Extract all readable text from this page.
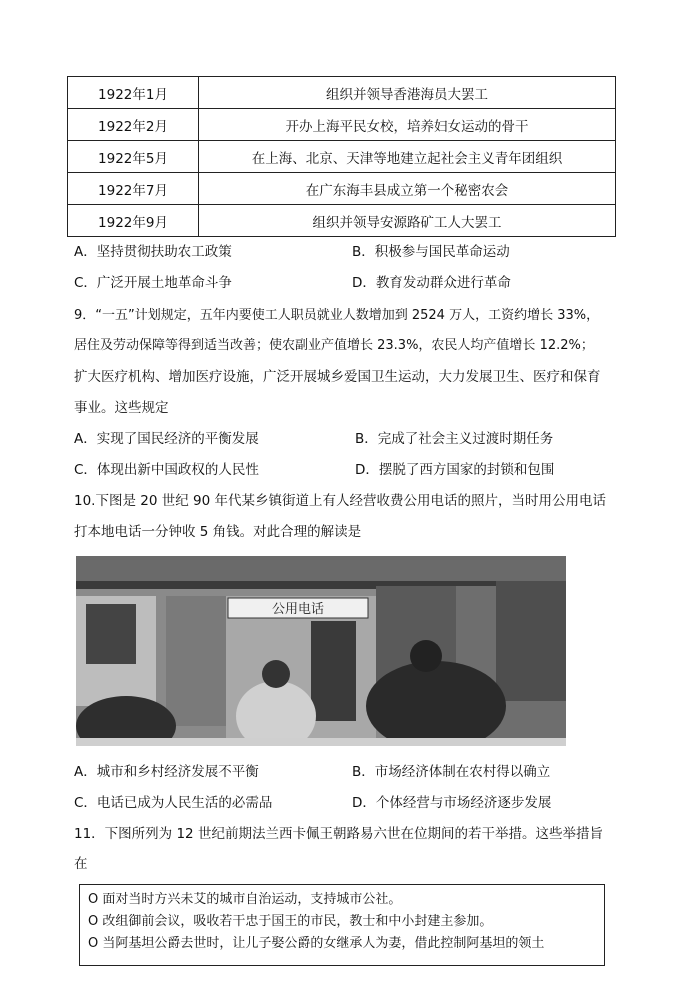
1922年1月	组织并领导香港海员大罢工
1922年2月	开办上海平民女校，培养妇女运动的骨干
1922年5月	在上海、北京、天津等地建立起社会主义青年团组织
1922年7月	在广东海丰县成立第一个秘密农会
1922年9月	组织并领导安源路矿工人大罢工
A．坚持贯彻扶助农工政策	B．积极参与国民革命运动
C．广泛开展土地革命斗争	D．教育发动群众进行革命
9．“一五”计划规定，五年内要使工人职员就业人数增加到 2524 万人，工资约增长 33%，
居住及劳动保障等得到适当改善；使农副业产值增长 23.3%，农民人均产值增长 12.2%；
扩大医疗机构、增加医疗设施，广泛开展城乡爱国卫生运动，大力发展卫生、医疗和保育
事业。这些规定
A．实现了国民经济的平衡发展	B．完成了社会主义过渡时期任务
C．体现出新中国政权的人民性	D．摆脱了西方国家的封锁和包围
10.下图是 20 世纪 90 年代某乡镇街道上有人经营收费公用电话的照片，当时用公用电话
打本地电话一分钟收 5 角钱。对此合理的解读是
公用电话
A．城市和乡村经济发展不平衡	B．市场经济体制在农村得以确立
C．电话已成为人民生活的必需品	D．个体经营与市场经济逐步发展
11．下图所列为 12 世纪前期法兰西卡佩王朝路易六世在位期间的若干举措。这些举措旨
在
O 面对当时方兴未艾的城市自治运动，支持城市公社。
O 改组御前会议，吸收若干忠于国王的市民，教士和中小封建主参加。
O 当阿基坦公爵去世时，让儿子娶公爵的女继承人为妻，借此控制阿基坦的领土
